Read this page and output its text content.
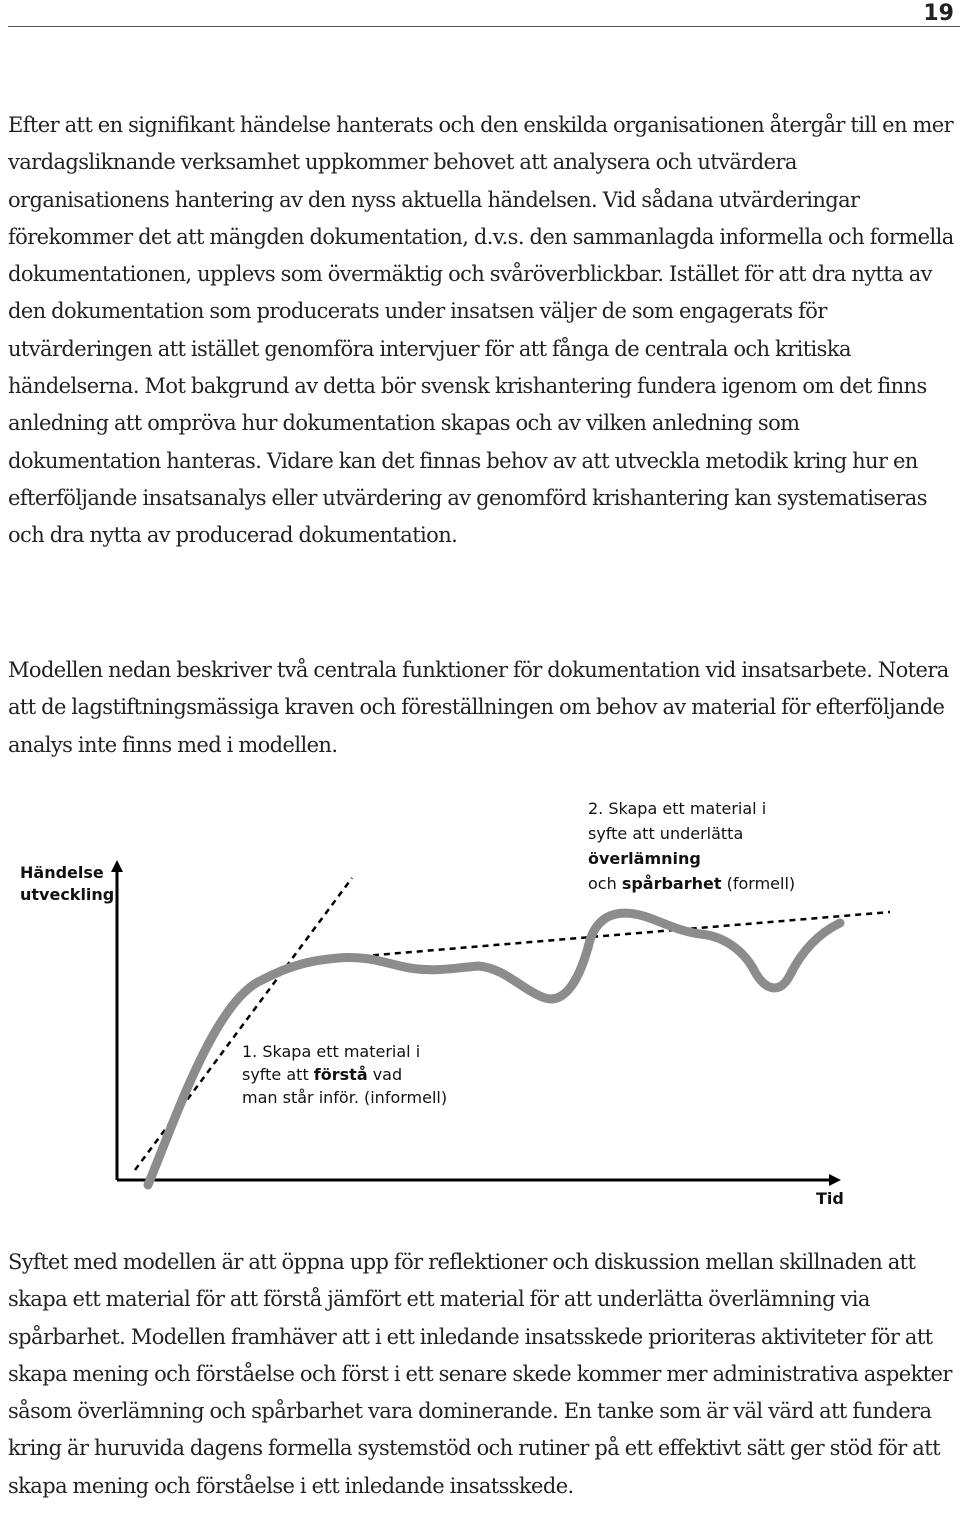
19

Efter att en signifikant händelse hanterats och den enskilda organisationen återgår till en mer vardagsliknande verksamhet uppkommer behovet att analysera och utvärdera organisationens hantering av den nyss aktuella händelsen. Vid sådana utvärderingar förekommer det att mängden dokumentation, d.v.s. den sammanlagda informella och formella dokumentationen, upplevs som övermäktig och svåröverblickbar. Istället för att dra nytta av den dokumentation som producerats under insatsen väljer de som engagerats för utvärderingen att istället genomföra intervjuer för att fånga de centrala och kritiska händelserna. Mot bakgrund av detta bör svensk krishantering fundera igenom om det finns anledning att ompröva hur dokumentation skapas och av vilken anledning som dokumentation hanteras. Vidare kan det finnas behov av att utveckla metodik kring hur en efterföljande insatsanalys eller utvärdering av genomförd krishantering kan systematiseras och dra nytta av producerad dokumentation.

Modellen nedan beskriver två centrala funktioner för dokumentation vid insatsarbete. Notera att de lagstiftningsmässiga kraven och föreställningen om behov av material för efterföljande analys inte finns med i modellen.

Händelse
utveckling
Tid
2. Skapa ett material i
syfte att underlätta
överlämning
och spårbarhet (formell)
1. Skapa ett material i
syfte att förstå vad
man står inför. (informell)

Syftet med modellen är att öppna upp för reflektioner och diskussion mellan skillnaden att skapa ett material för att förstå jämfört ett material för att underlätta överlämning via spårbarhet. Modellen framhäver att i ett inledande insatsskede prioriteras aktiviteter för att skapa mening och förståelse och först i ett senare skede kommer mer administrativa aspekter såsom överlämning och spårbarhet vara dominerande. En tanke som är väl värd att fundera kring är huruvida dagens formella systemstöd och rutiner på ett effektivt sätt ger stöd för att skapa mening och förståelse i ett inledande insatsskede.
